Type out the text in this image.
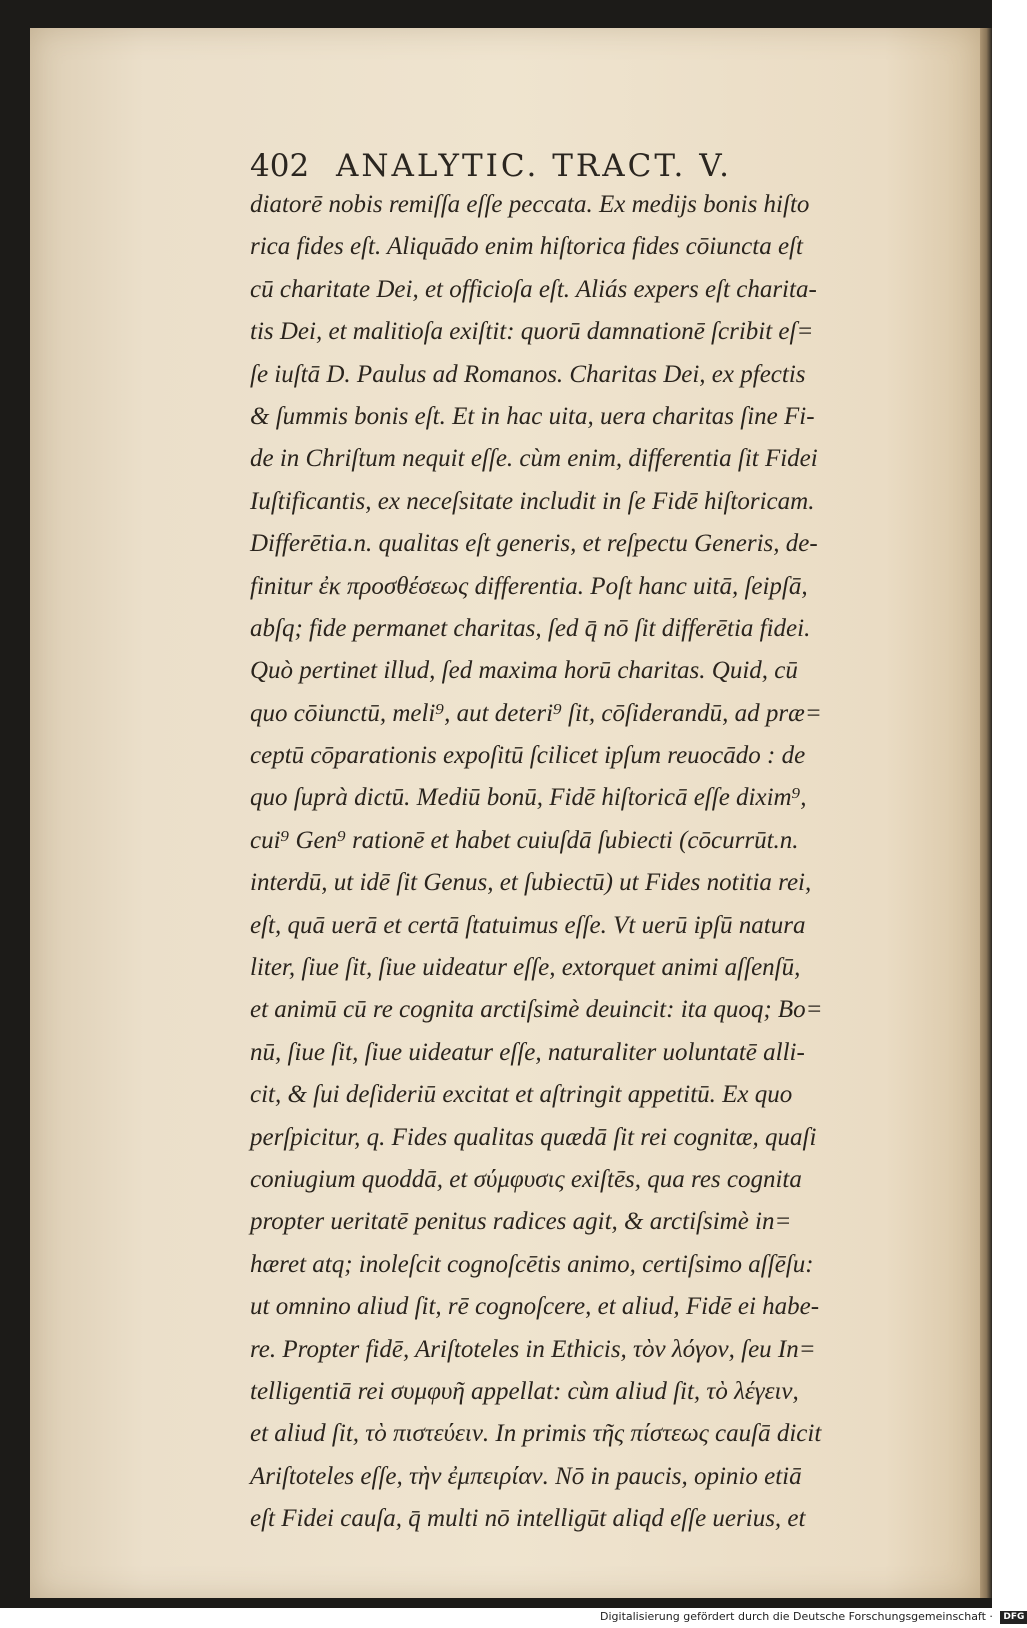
402 ANALYTIC. TRACT. V.
diatorē nobis remiſſa eſſe peccata. Ex medijs bonis hiſto
rica fides eſt. Aliquādo enim hiſtorica fides cōiuncta eſt
cū charitate Dei, et officioſa eſt. Aliás expers eſt charita-
tis Dei, et malitioſa exiſtit: quorū damnationē ſcribit eſ=
ſe iuſtā D. Paulus ad Romanos. Charitas Dei, ex pfectis
& ſummis bonis eſt. Et in hac uita, uera charitas ſine Fi-
de in Chriſtum nequit eſſe. cùm enim, differentia ſit Fidei
Iuſtificantis, ex neceſsitate includit in ſe Fidē hiſtoricam.
Differētia.n. qualitas eſt generis, et reſpectu Generis, de-
finitur ἐκ προσθέσεως differentia. Poſt hanc uitā, ſeipſā,
abſq; fide permanet charitas, ſed q̄ nō ſit differētia fidei.
Quò pertinet illud, ſed maxima horū charitas. Quid, cū
quo cōiunctū, meli⁹, aut deteri⁹ ſit, cōſiderandū, ad præ=
ceptū cōparationis expoſitū ſcilicet ipſum reuocādo : de
quo ſuprà dictū. Mediū bonū, Fidē hiſtoricā eſſe dixim⁹,
cui⁹ Gen⁹ rationē et habet cuiuſdā ſubiecti (cōcurrūt.n.
interdū, ut idē ſit Genus, et ſubiectū) ut Fides notitia rei,
eſt, quā uerā et certā ſtatuimus eſſe. Vt uerū ipſū natura
liter, ſiue ſit, ſiue uideatur eſſe, extorquet animi aſſenſū,
et animū cū re cognita arctiſsimè deuincit: ita quoq; Bo=
nū, ſiue ſit, ſiue uideatur eſſe, naturaliter uoluntatē alli-
cit, & ſui deſideriū excitat et aſtringit appetitū. Ex quo
perſpicitur, q. Fides qualitas quædā ſit rei cognitæ, quaſi
coniugium quoddā, et σύμφυσις exiſtēs, qua res cognita
propter ueritatē penitus radices agit, & arctiſsimè in=
hæret atq; inoleſcit cognoſcētis animo, certiſsimo aſſēſu:
ut omnino aliud ſit, rē cognoſcere, et aliud, Fidē ei habe-
re. Propter fidē, Ariſtoteles in Ethicis, τὸν λόγον, ſeu In=
telligentiā rei συμφυῆ appellat: cùm aliud ſit, τὸ λέγειν,
et aliud ſit, τὸ πιστεύειν. In primis τῆς πίστεως cauſā dicit
Ariſtoteles eſſe, τὴν ἐμπειρίαν. Nō in paucis, opinio etiā
eſt Fidei cauſa, q̄ multi nō intelligūt aliqd eſſe uerius, et
Digitalisierung gefördert durch die Deutsche Forschungsgemeinschaft · DFG
